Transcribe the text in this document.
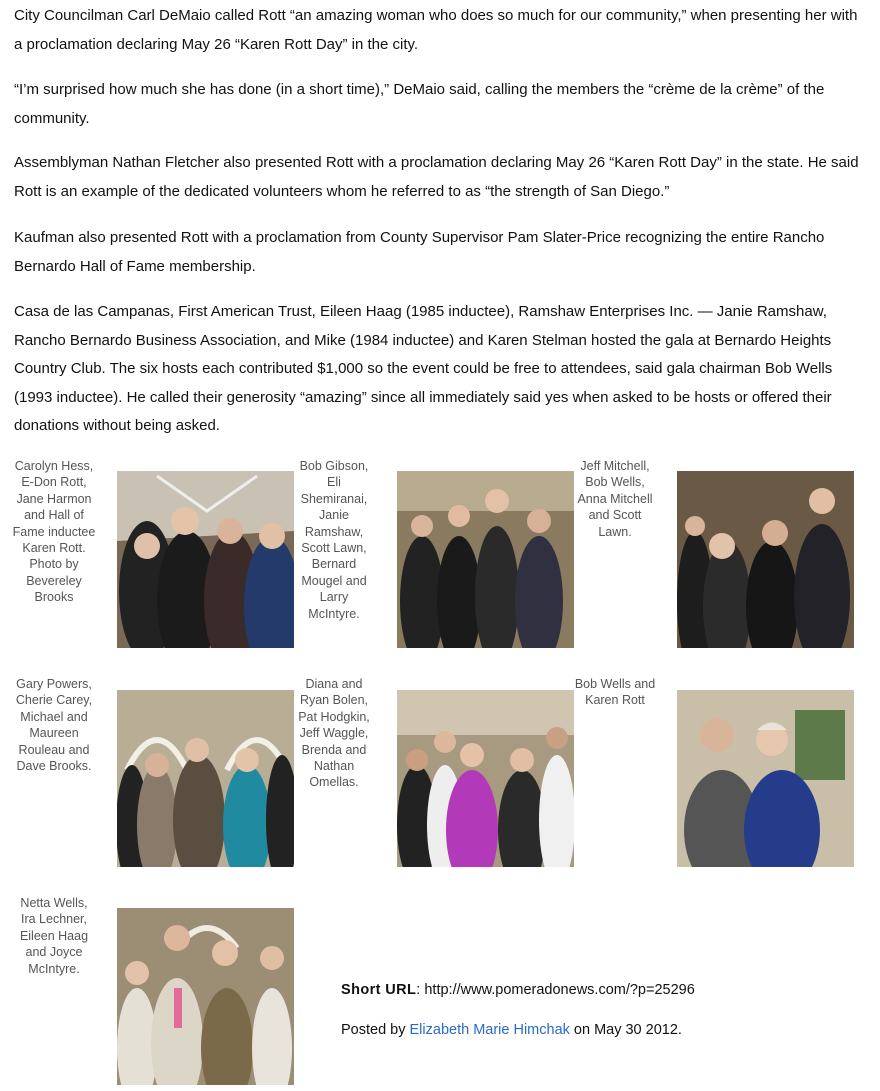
City Councilman Carl DeMaio called Rott “an amazing woman who does so much for our community,” when presenting her with a proclamation declaring May 26 “Karen Rott Day” in the city.

“I’m surprised how much she has done (in a short time),” DeMaio said, calling the members the “crème de la crème” of the community.

Assemblyman Nathan Fletcher also presented Rott with a proclamation declaring May 26 “Karen Rott Day” in the state. He said Rott is an example of the dedicated volunteers whom he referred to as “the strength of San Diego.”

Kaufman also presented Rott with a proclamation from County Supervisor Pam Slater-Price recognizing the entire Rancho Bernardo Hall of Fame membership.

Casa de las Campanas, First American Trust, Eileen Haag (1985 inductee), Ramshaw Enterprises Inc. — Janie Ramshaw, Rancho Bernardo Business Association, and Mike (1984 inductee) and Karen Stelman hosted the gala at Bernardo Heights Country Club. The six hosts each contributed $1,000 so the event could be free to attendees, said gala chairman Bob Wells (1993 inductee). He called their generosity “amazing” since all immediately said yes when asked to be hosts or offered their donations without being asked.

Carolyn Hess, E-Don Rott, Jane Harmon and Hall of Fame inductee Karen Rott. Photo by Bevereley Brooks
Bob Gibson, Eli Shemiranai, Janie Ramshaw, Scott Lawn, Bernard Mougel and Larry McIntyre.
Jeff Mitchell, Bob Wells, Anna Mitchell and Scott Lawn.
Gary Powers, Cherie Carey, Michael and Maureen Rouleau and Dave Brooks.
Diana and Ryan Bolen, Pat Hodgkin, Jeff Waggle, Brenda and Nathan Omellas.
Bob Wells and Karen Rott
Netta Wells, Ira Lechner, Eileen Haag and Joyce McIntyre.
Short URL: http://www.pomeradonews.com/?p=25296
Posted by Elizabeth Marie Himchak on May 30 2012.
